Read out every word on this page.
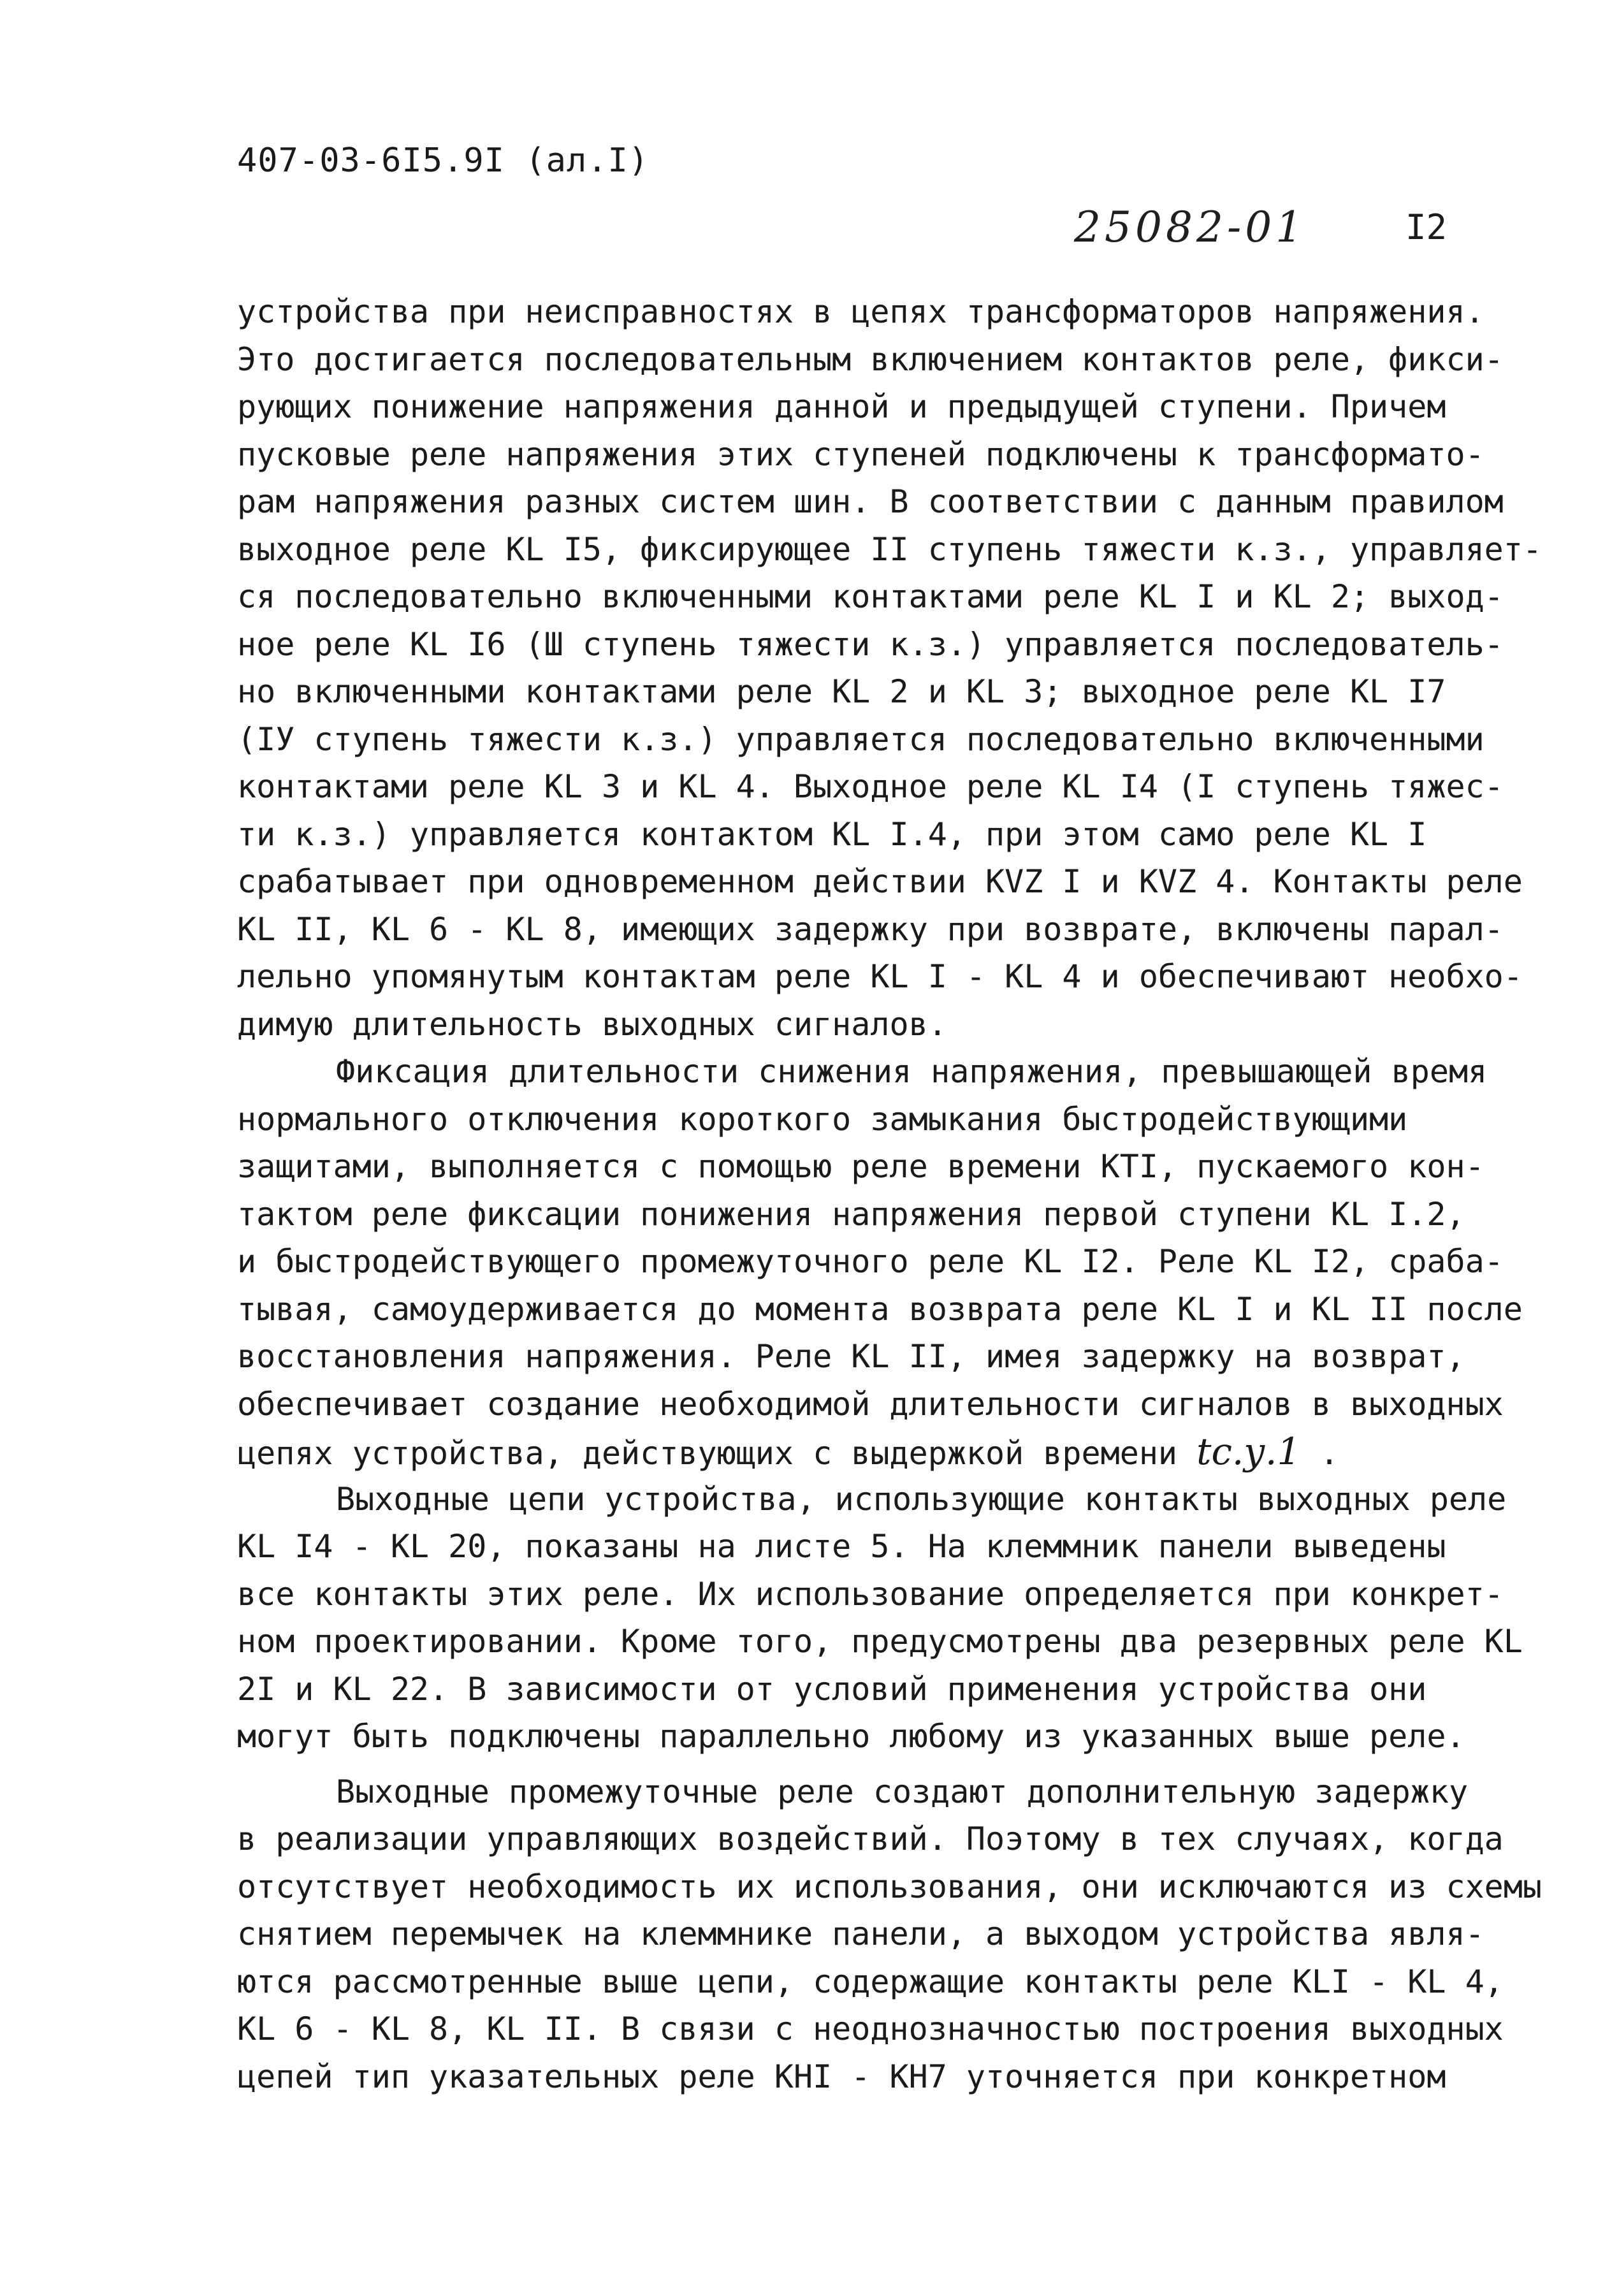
407-03-6I5.9I (ал.I)
25082-01	I2
устройства при неисправностях в цепях трансформаторов напряжения.
Это достигается последовательным включением контактов реле, фикси-
рующих понижение напряжения данной и предыдущей ступени. Причем
пусковые реле напряжения этих ступеней подключены к трансформато-
рам напряжения разных систем шин. В соответствии с данным правилом
выходное реле KL I5, фиксирующее II ступень тяжести к.з., управляет-
ся последовательно включенными контактами реле KL I и KL 2; выход-
ное реле KL I6 (Ш ступень тяжести к.з.) управляется последователь-
но включенными контактами реле KL 2 и KL 3; выходное реле KL I7
(IУ ступень тяжести к.з.) управляется последовательно включенными
контактами реле KL 3 и KL 4. Выходное реле KL I4 (I ступень тяжес-
ти к.з.) управляется контактом KL I.4, при этом само реле KL I
срабатывает при одновременном действии KVZ I и KVZ 4. Контакты реле
KL II, KL 6 - KL 8, имеющих задержку при возврате, включены парал-
лельно упомянутым контактам реле KL I - KL 4 и обеспечивают необхо-
димую длительность выходных сигналов.
Фиксация длительности снижения напряжения, превышающей время
нормального отключения короткого замыкания быстродействующими
защитами, выполняется с помощью реле времени KTI, пускаемого кон-
тактом реле фиксации понижения напряжения первой ступени KL I.2,
и быстродействующего промежуточного реле KL I2. Реле KL I2, сраба-
тывая, самоудерживается до момента возврата реле KL I и KL II после
восстановления напряжения. Реле KL II, имея задержку на возврат,
обеспечивает создание необходимой длительности сигналов в выходных
цепях устройства, действующих с выдержкой времени tс.у.1 .
Выходные цепи устройства, использующие контакты выходных реле
KL I4 - KL 20, показаны на листе 5. На клеммник панели выведены
все контакты этих реле. Их использование определяется при конкрет-
ном проектировании. Кроме того, предусмотрены два резервных реле KL
2I и KL 22. В зависимости от условий применения устройства они
могут быть подключены параллельно любому из указанных выше реле.
Выходные промежуточные реле создают дополнительную задержку
в реализации управляющих воздействий. Поэтому в тех случаях, когда
отсутствует необходимость их использования, они исключаются из схемы
снятием перемычек на клеммнике панели, а выходом устройства явля-
ются рассмотренные выше цепи, содержащие контакты реле KLI - KL 4,
KL 6 - KL 8, KL II. В связи с неоднозначностью построения выходных
цепей тип указательных реле KHI - KH7 уточняется при конкретном
